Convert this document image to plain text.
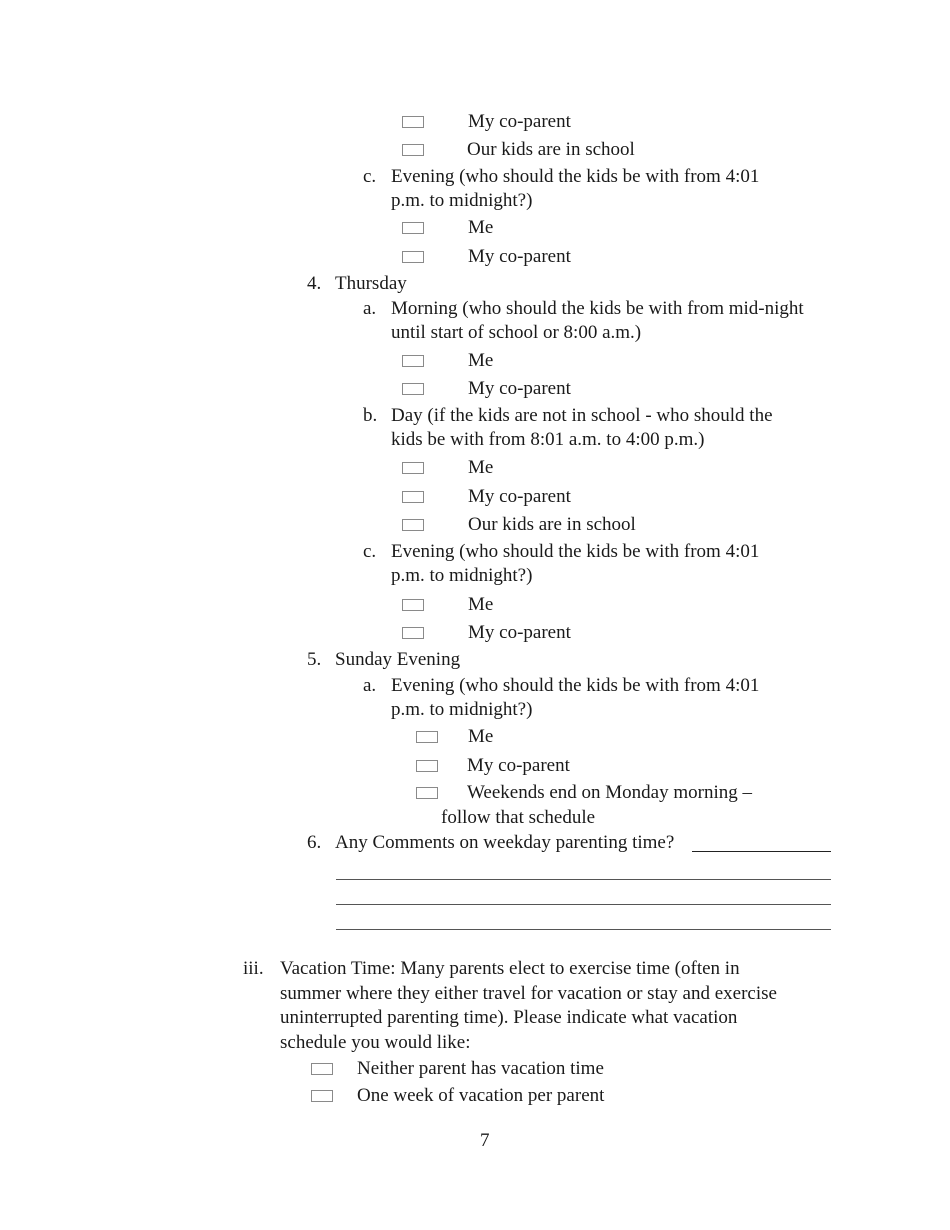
My co-parent
Our kids are in school
c. Evening (who should the kids be with from 4:01
p.m. to midnight?)
Me
My co-parent
4. Thursday
a. Morning (who should the kids be with from mid-night
until start of school or 8:00 a.m.)
Me
My co-parent
b. Day (if the kids are not in school - who should the
kids be with from 8:01 a.m. to 4:00 p.m.)
Me
My co-parent
Our kids are in school
c. Evening (who should the kids be with from 4:01
p.m. to midnight?)
Me
My co-parent
5. Sunday Evening
a. Evening (who should the kids be with from 4:01
p.m. to midnight?)
Me
My co-parent
Weekends end on Monday morning –
follow that schedule
6. Any Comments on weekday parenting time?
iii. Vacation Time: Many parents elect to exercise time (often in
summer where they either travel for vacation or stay and exercise
uninterrupted parenting time). Please indicate what vacation
schedule you would like:
Neither parent has vacation time
One week of vacation per parent
7
